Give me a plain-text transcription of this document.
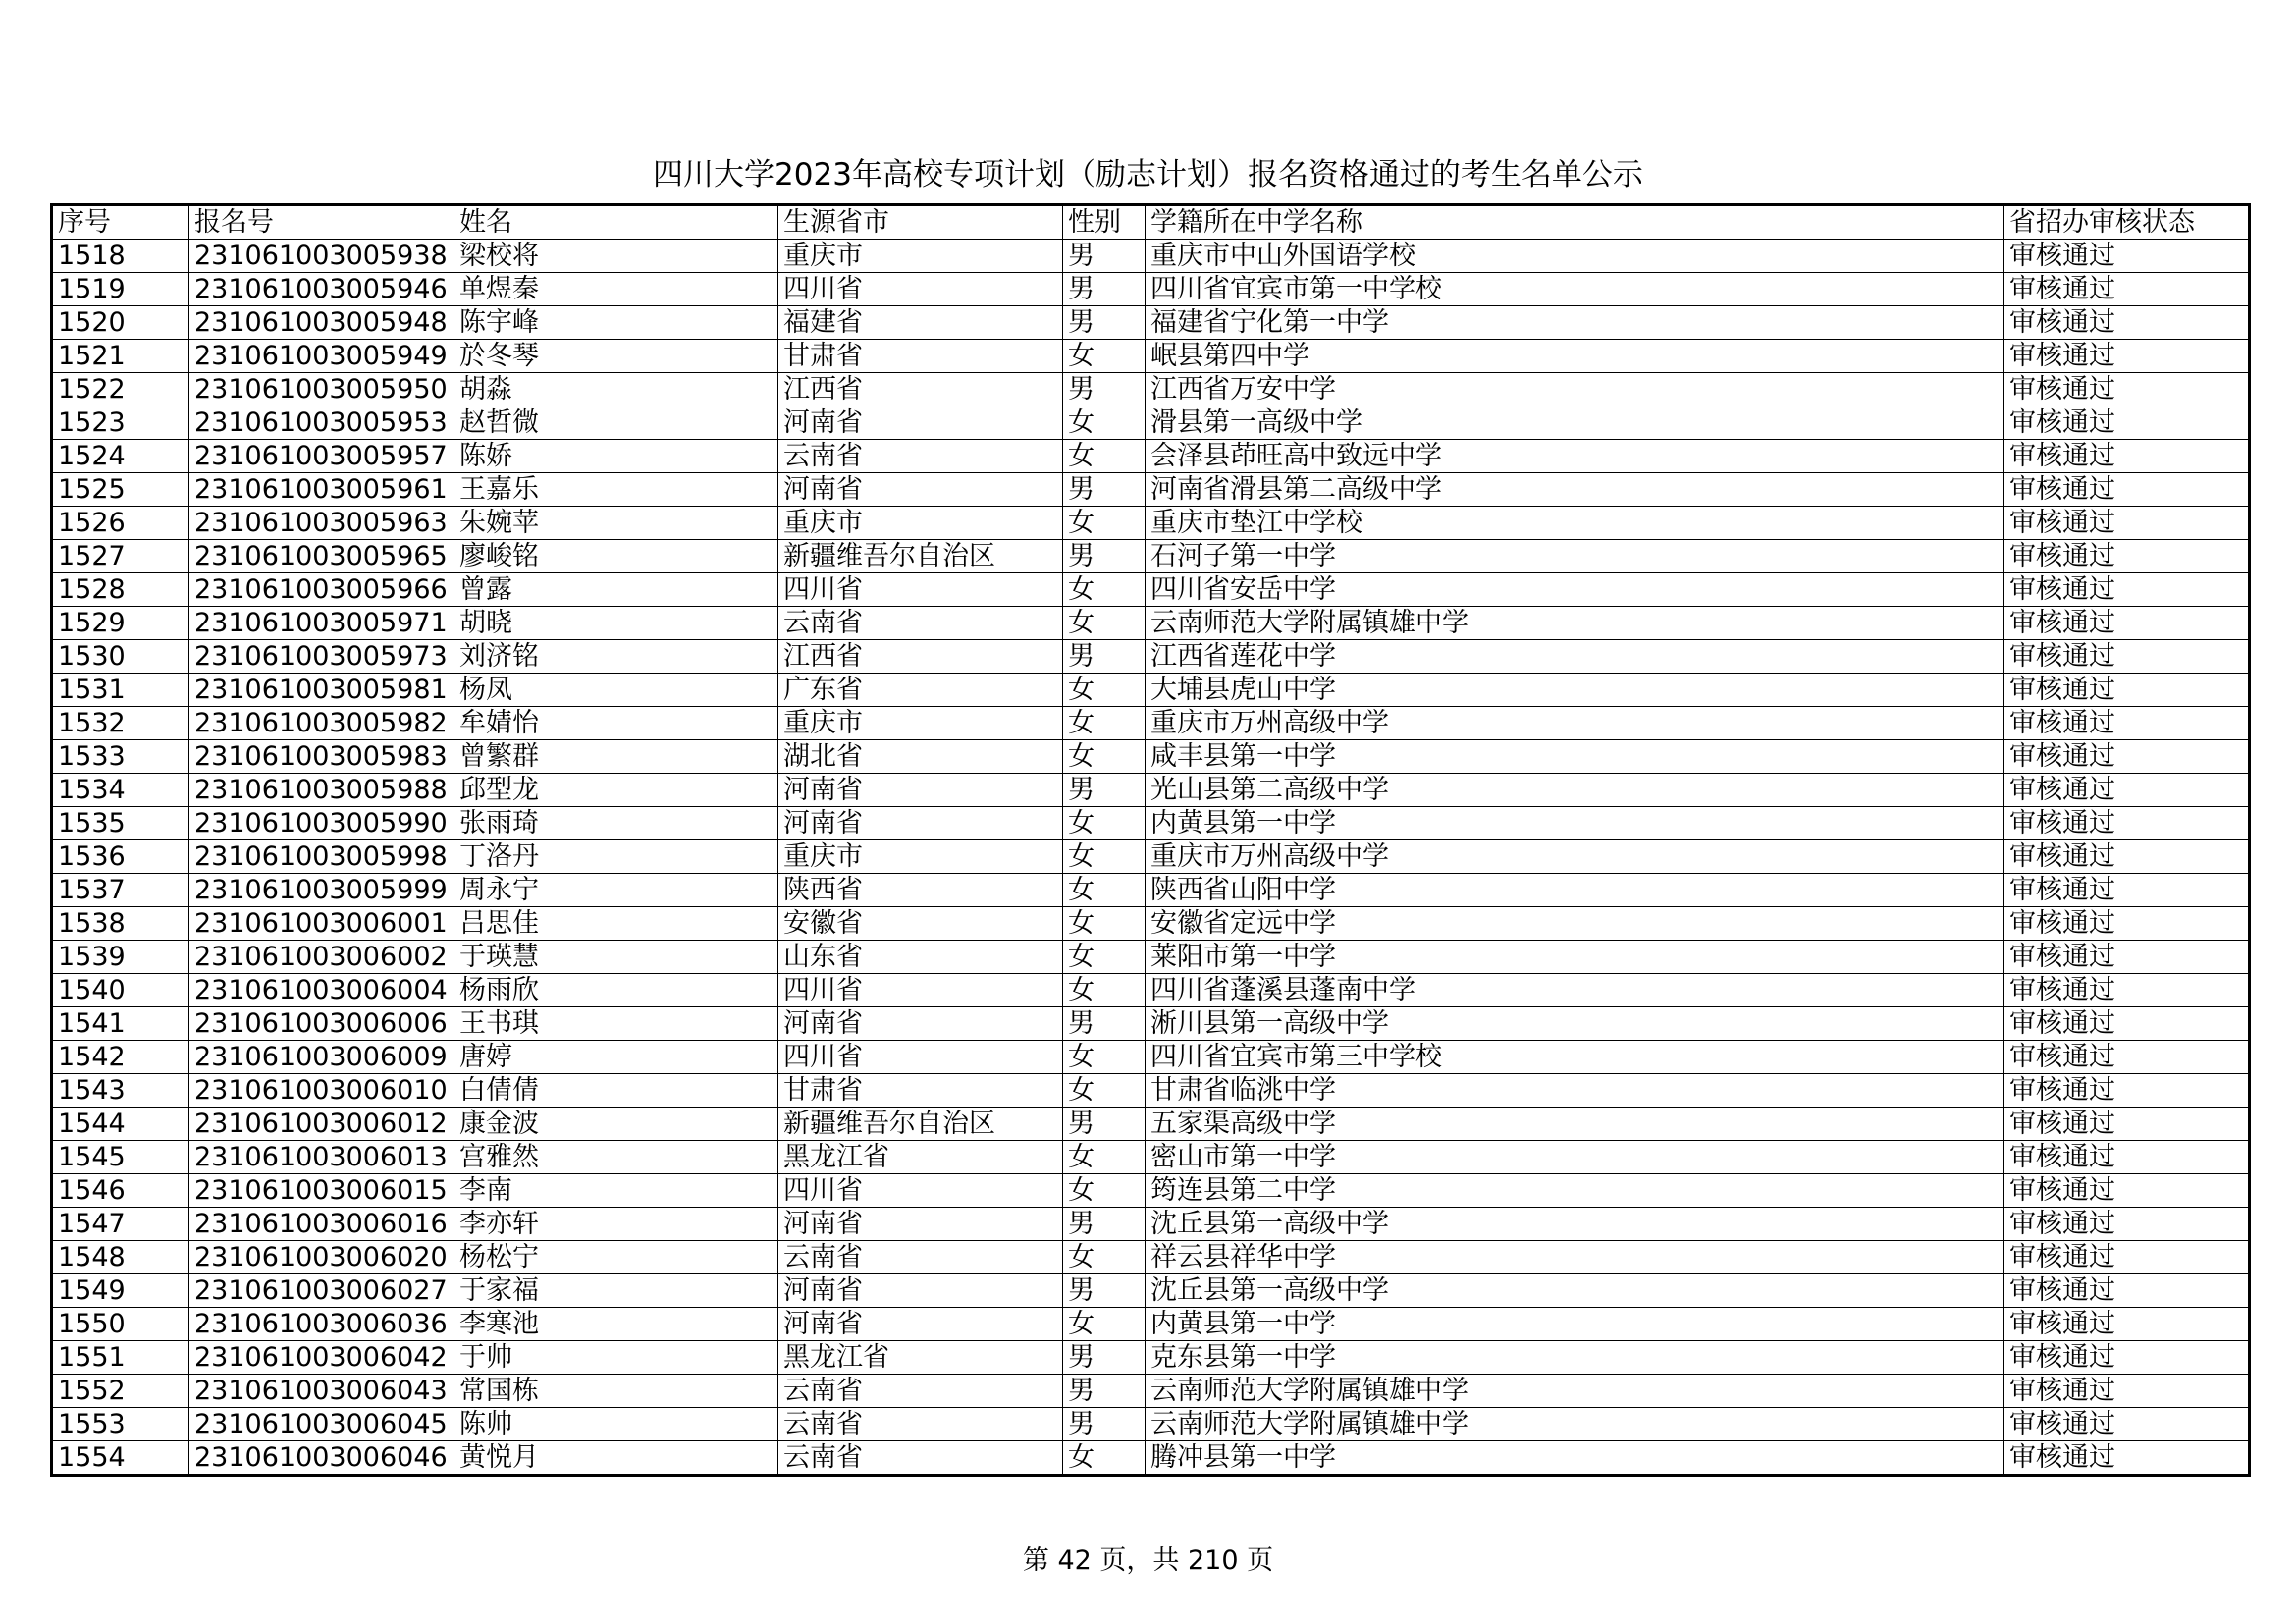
四川大学2023年高校专项计划（励志计划）报名资格通过的考生名单公示
序号	报名号	姓名	生源省市	性别	学籍所在中学名称	省招办审核状态
1518	231061003005938	梁校将	重庆市	男	重庆市中山外国语学校	审核通过
1519	231061003005946	单煜秦	四川省	男	四川省宜宾市第一中学校	审核通过
1520	231061003005948	陈宇峰	福建省	男	福建省宁化第一中学	审核通过
1521	231061003005949	於冬琴	甘肃省	女	岷县第四中学	审核通过
1522	231061003005950	胡淼	江西省	男	江西省万安中学	审核通过
1523	231061003005953	赵哲微	河南省	女	滑县第一高级中学	审核通过
1524	231061003005957	陈娇	云南省	女	会泽县茚旺高中致远中学	审核通过
1525	231061003005961	王嘉乐	河南省	男	河南省滑县第二高级中学	审核通过
1526	231061003005963	朱婉苹	重庆市	女	重庆市垫江中学校	审核通过
1527	231061003005965	廖峻铭	新疆维吾尔自治区	男	石河子第一中学	审核通过
1528	231061003005966	曾露	四川省	女	四川省安岳中学	审核通过
1529	231061003005971	胡晓	云南省	女	云南师范大学附属镇雄中学	审核通过
1530	231061003005973	刘济铭	江西省	男	江西省莲花中学	审核通过
1531	231061003005981	杨凤	广东省	女	大埔县虎山中学	审核通过
1532	231061003005982	牟婧怡	重庆市	女	重庆市万州高级中学	审核通过
1533	231061003005983	曾繁群	湖北省	女	咸丰县第一中学	审核通过
1534	231061003005988	邱型龙	河南省	男	光山县第二高级中学	审核通过
1535	231061003005990	张雨琦	河南省	女	内黄县第一中学	审核通过
1536	231061003005998	丁洛丹	重庆市	女	重庆市万州高级中学	审核通过
1537	231061003005999	周永宁	陕西省	女	陕西省山阳中学	审核通过
1538	231061003006001	吕思佳	安徽省	女	安徽省定远中学	审核通过
1539	231061003006002	于瑛慧	山东省	女	莱阳市第一中学	审核通过
1540	231061003006004	杨雨欣	四川省	女	四川省蓬溪县蓬南中学	审核通过
1541	231061003006006	王书琪	河南省	男	淅川县第一高级中学	审核通过
1542	231061003006009	唐婷	四川省	女	四川省宜宾市第三中学校	审核通过
1543	231061003006010	白倩倩	甘肃省	女	甘肃省临洮中学	审核通过
1544	231061003006012	康金波	新疆维吾尔自治区	男	五家渠高级中学	审核通过
1545	231061003006013	宫雅然	黑龙江省	女	密山市第一中学	审核通过
1546	231061003006015	李南	四川省	女	筠连县第二中学	审核通过
1547	231061003006016	李亦轩	河南省	男	沈丘县第一高级中学	审核通过
1548	231061003006020	杨松宁	云南省	女	祥云县祥华中学	审核通过
1549	231061003006027	于家福	河南省	男	沈丘县第一高级中学	审核通过
1550	231061003006036	李寒池	河南省	女	内黄县第一中学	审核通过
1551	231061003006042	于帅	黑龙江省	男	克东县第一中学	审核通过
1552	231061003006043	常国栋	云南省	男	云南师范大学附属镇雄中学	审核通过
1553	231061003006045	陈帅	云南省	男	云南师范大学附属镇雄中学	审核通过
1554	231061003006046	黄悦月	云南省	女	腾冲县第一中学	审核通过
第 42 页，共 210 页
